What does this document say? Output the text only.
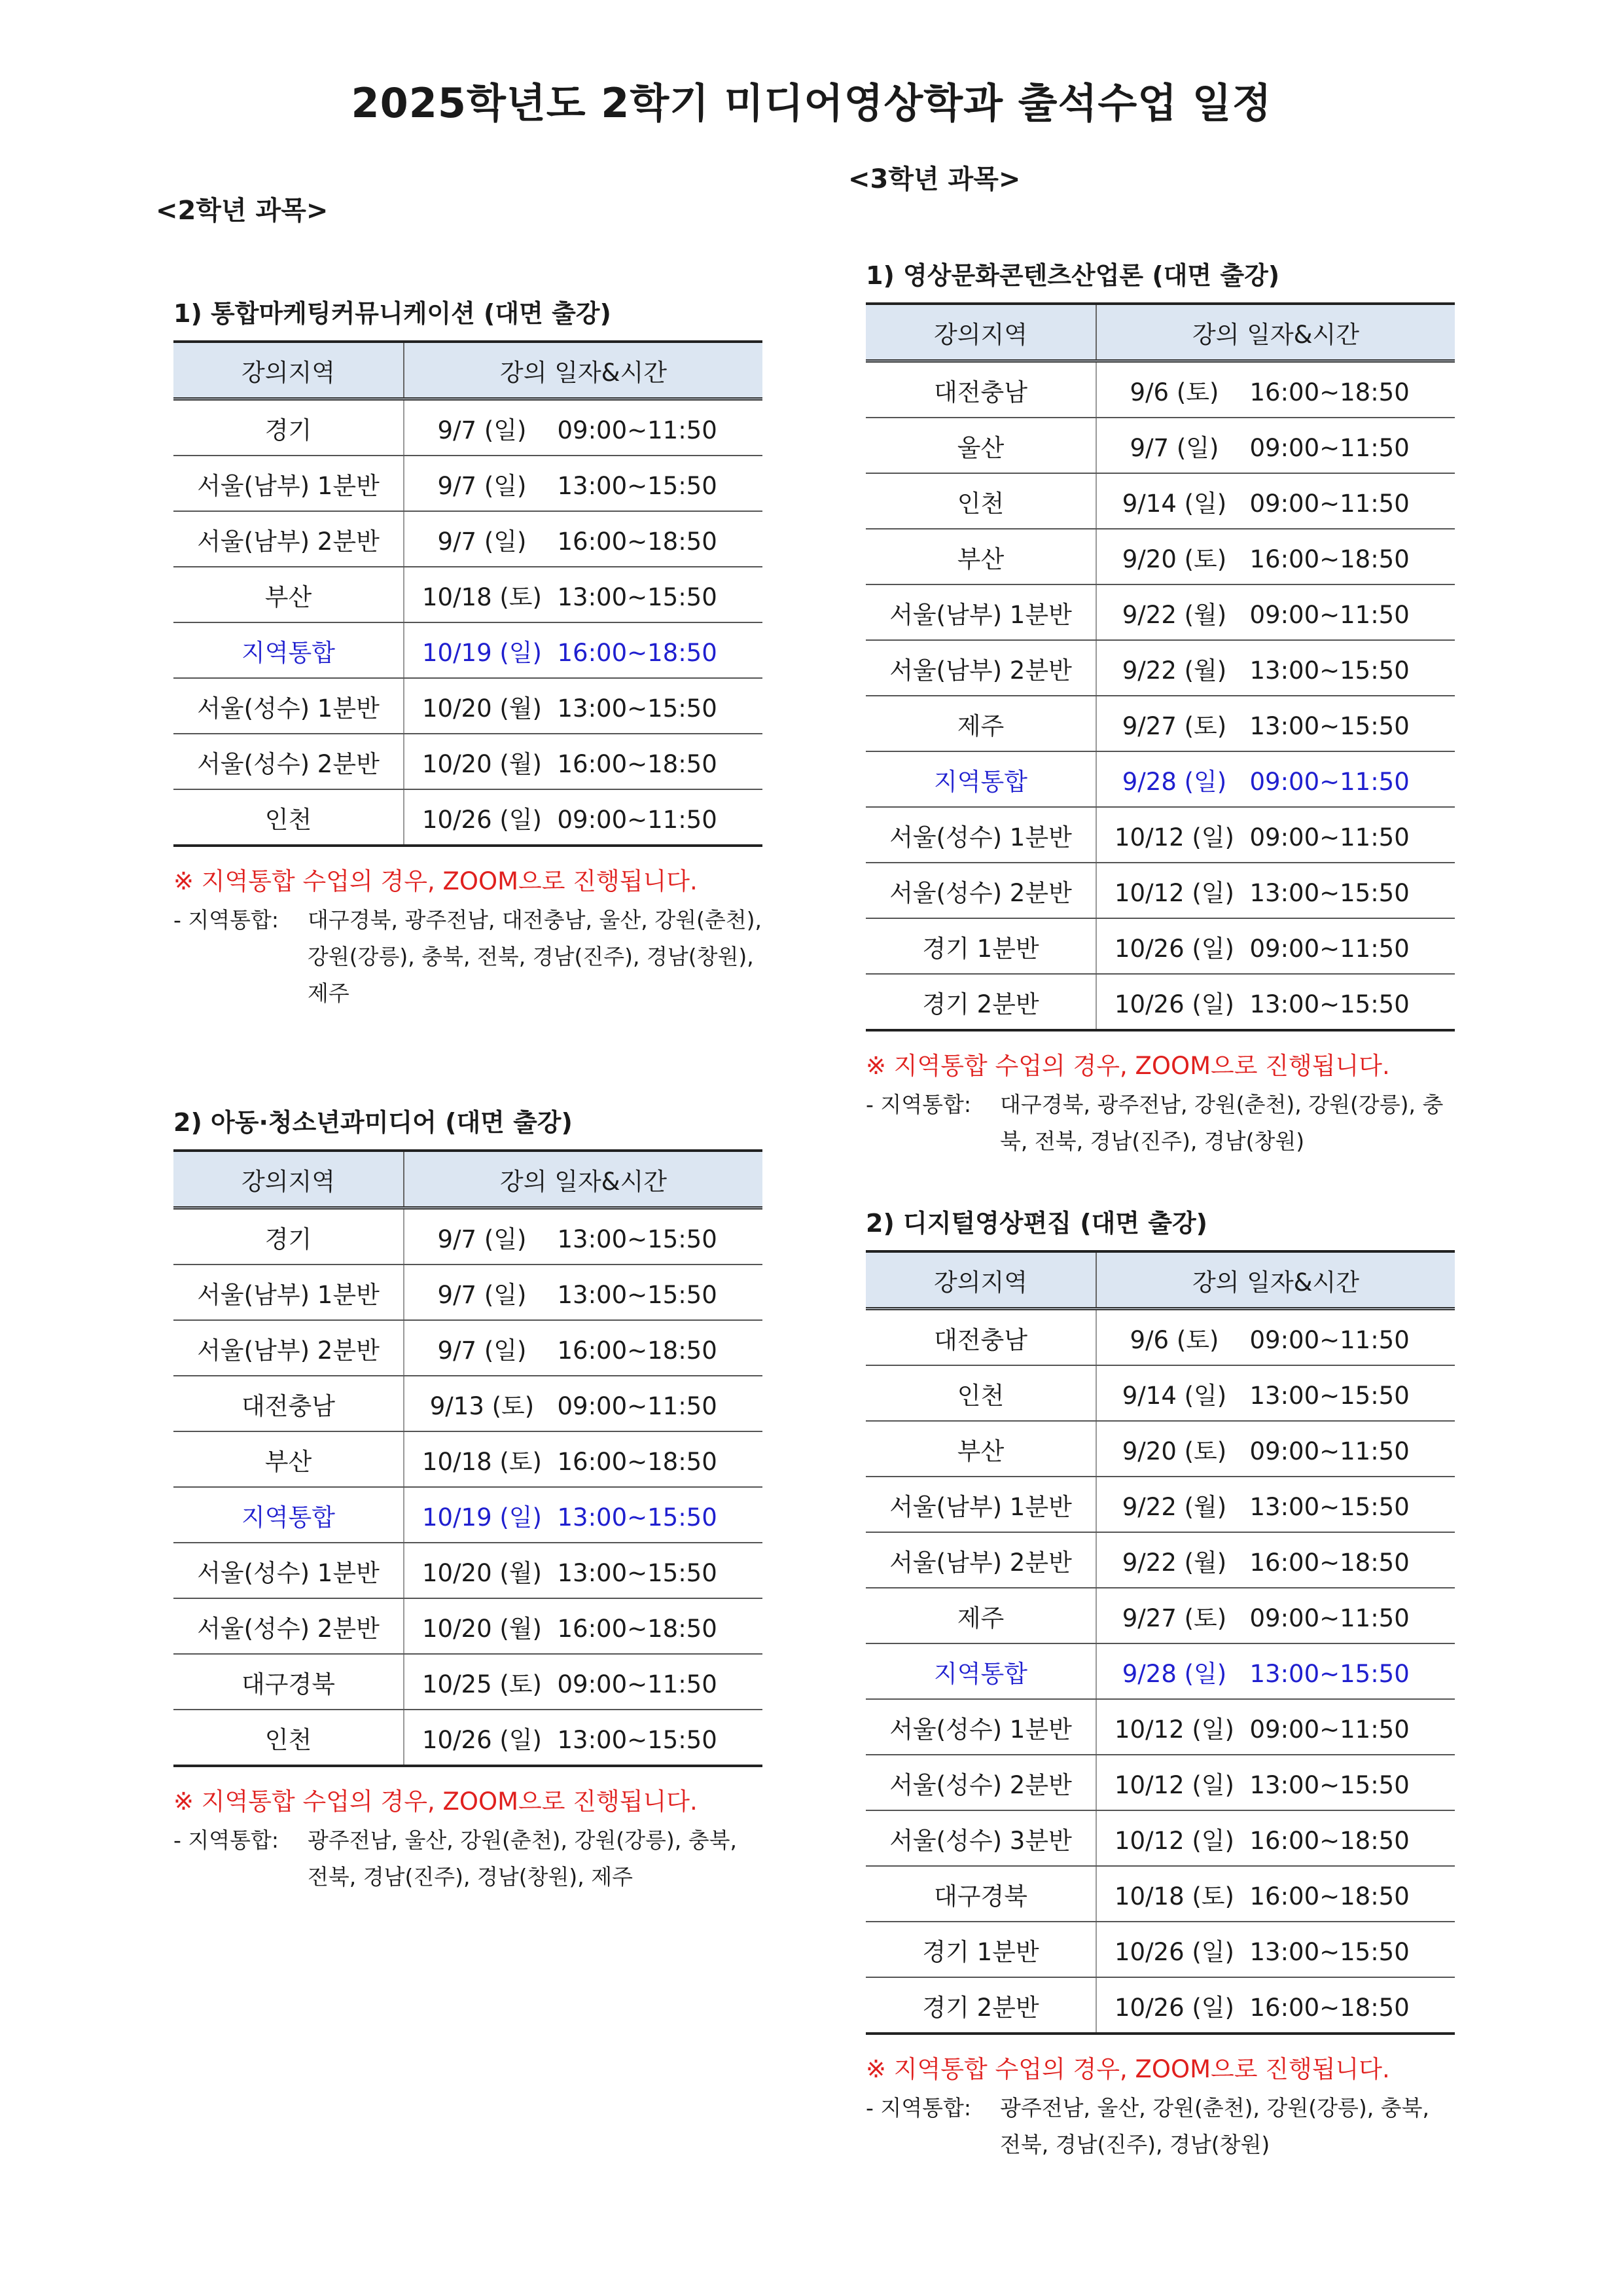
2025학년도 2학기 미디어영상학과 출석수업 일정
<2학년 과목>
<3학년 과목>
1) 통합마케팅커뮤니케이션 (대면 출강)
강의지역	강의 일자&시간
경기	9/7 (일) 09:00~11:50
서울(남부) 1분반	9/7 (일) 13:00~15:50
서울(남부) 2분반	9/7 (일) 16:00~18:50
부산	10/18 (토) 13:00~15:50
지역통합	10/19 (일) 16:00~18:50
서울(성수) 1분반	10/20 (월) 13:00~15:50
서울(성수) 2분반	10/20 (월) 16:00~18:50
인천	10/26 (일) 09:00~11:50
※ 지역통합 수업의 경우, ZOOM으로 진행됩니다.
- 지역통합:	대구경북, 광주전남, 대전충남, 울산, 강원(춘천), 강원(강릉), 충북, 전북, 경남(진주), 경남(창원), 제주
2) 아동·청소년과미디어 (대면 출강)
강의지역	강의 일자&시간
경기	9/7 (일) 13:00~15:50
서울(남부) 1분반	9/7 (일) 13:00~15:50
서울(남부) 2분반	9/7 (일) 16:00~18:50
대전충남	9/13 (토) 09:00~11:50
부산	10/18 (토) 16:00~18:50
지역통합	10/19 (일) 13:00~15:50
서울(성수) 1분반	10/20 (월) 13:00~15:50
서울(성수) 2분반	10/20 (월) 16:00~18:50
대구경북	10/25 (토) 09:00~11:50
인천	10/26 (일) 13:00~15:50
※ 지역통합 수업의 경우, ZOOM으로 진행됩니다.
- 지역통합:	광주전남, 울산, 강원(춘천), 강원(강릉), 충북, 전북, 경남(진주), 경남(창원), 제주
1) 영상문화콘텐츠산업론 (대면 출강)
강의지역	강의 일자&시간
대전충남	9/6 (토) 16:00~18:50
울산	9/7 (일) 09:00~11:50
인천	9/14 (일) 09:00~11:50
부산	9/20 (토) 16:00~18:50
서울(남부) 1분반	9/22 (월) 09:00~11:50
서울(남부) 2분반	9/22 (월) 13:00~15:50
제주	9/27 (토) 13:00~15:50
지역통합	9/28 (일) 09:00~11:50
서울(성수) 1분반	10/12 (일) 09:00~11:50
서울(성수) 2분반	10/12 (일) 13:00~15:50
경기 1분반	10/26 (일) 09:00~11:50
경기 2분반	10/26 (일) 13:00~15:50
※ 지역통합 수업의 경우, ZOOM으로 진행됩니다.
- 지역통합:	대구경북, 광주전남, 강원(춘천), 강원(강릉), 충북, 전북, 경남(진주), 경남(창원)
2) 디지털영상편집 (대면 출강)
강의지역	강의 일자&시간
대전충남	9/6 (토) 09:00~11:50
인천	9/14 (일) 13:00~15:50
부산	9/20 (토) 09:00~11:50
서울(남부) 1분반	9/22 (월) 13:00~15:50
서울(남부) 2분반	9/22 (월) 16:00~18:50
제주	9/27 (토) 09:00~11:50
지역통합	9/28 (일) 13:00~15:50
서울(성수) 1분반	10/12 (일) 09:00~11:50
서울(성수) 2분반	10/12 (일) 13:00~15:50
서울(성수) 3분반	10/12 (일) 16:00~18:50
대구경북	10/18 (토) 16:00~18:50
경기 1분반	10/26 (일) 13:00~15:50
경기 2분반	10/26 (일) 16:00~18:50
※ 지역통합 수업의 경우, ZOOM으로 진행됩니다.
- 지역통합:	광주전남, 울산, 강원(춘천), 강원(강릉), 충북, 전북, 경남(진주), 경남(창원)
